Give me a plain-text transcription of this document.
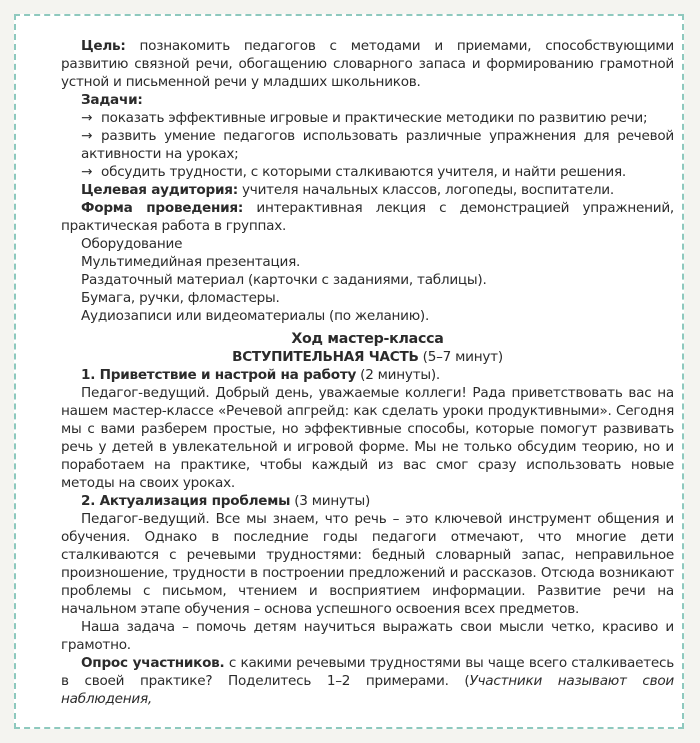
Цель: познакомить педагогов с методами и приемами, способствующими развитию связной речи, обогащению словарного запаса и формированию грамотной устной и письменной речи у младших школьников.

Задачи:

→ показать эффективные игровые и практические методики по развитию речи;

→ развить умение педагогов использовать различные упражнения для речевой активности на уроках;

→ обсудить трудности, с которыми сталкиваются учителя, и найти решения.

Целевая аудитория: учителя начальных классов, логопеды, воспитатели.

Форма проведения: интерактивная лекция с демонстрацией упражнений, практическая работа в группах.

Оборудование

Мультимедийная презентация.

Раздаточный материал (карточки с заданиями, таблицы).

Бумага, ручки, фломастеры.

Аудиозаписи или видеоматериалы (по желанию).

Ход мастер-класса

ВСТУПИТЕЛЬНАЯ ЧАСТЬ (5–7 минут)

1. Приветствие и настрой на работу (2 минуты).

Педагог-ведущий. Добрый день, уважаемые коллеги! Рада приветствовать вас на нашем мастер-классе «Речевой апгрейд: как сделать уроки продуктивными». Сегодня мы с вами разберем простые, но эффективные способы, которые помогут развивать речь у детей в увлекательной и игровой форме. Мы не только обсудим теорию, но и поработаем на практике, чтобы каждый из вас смог сразу использовать новые методы на своих уроках.

2. Актуализация проблемы (3 минуты)

Педагог-ведущий. Все мы знаем, что речь – это ключевой инструмент общения и обучения. Однако в последние годы педагоги отмечают, что многие дети сталкиваются с речевыми трудностями: бедный словарный запас, неправильное произношение, трудности в построении предложений и рассказов. Отсюда возникают проблемы с письмом, чтением и восприятием информации. Развитие речи на начальном этапе обучения – основа успешного освоения всех предметов.

Наша задача – помочь детям научиться выражать свои мысли четко, красиво и грамотно.

Опрос участников. с какими речевыми трудностями вы чаще всего сталкиваетесь в своей практике? Поделитесь 1–2 примерами. (Участники называют свои наблюдения,
